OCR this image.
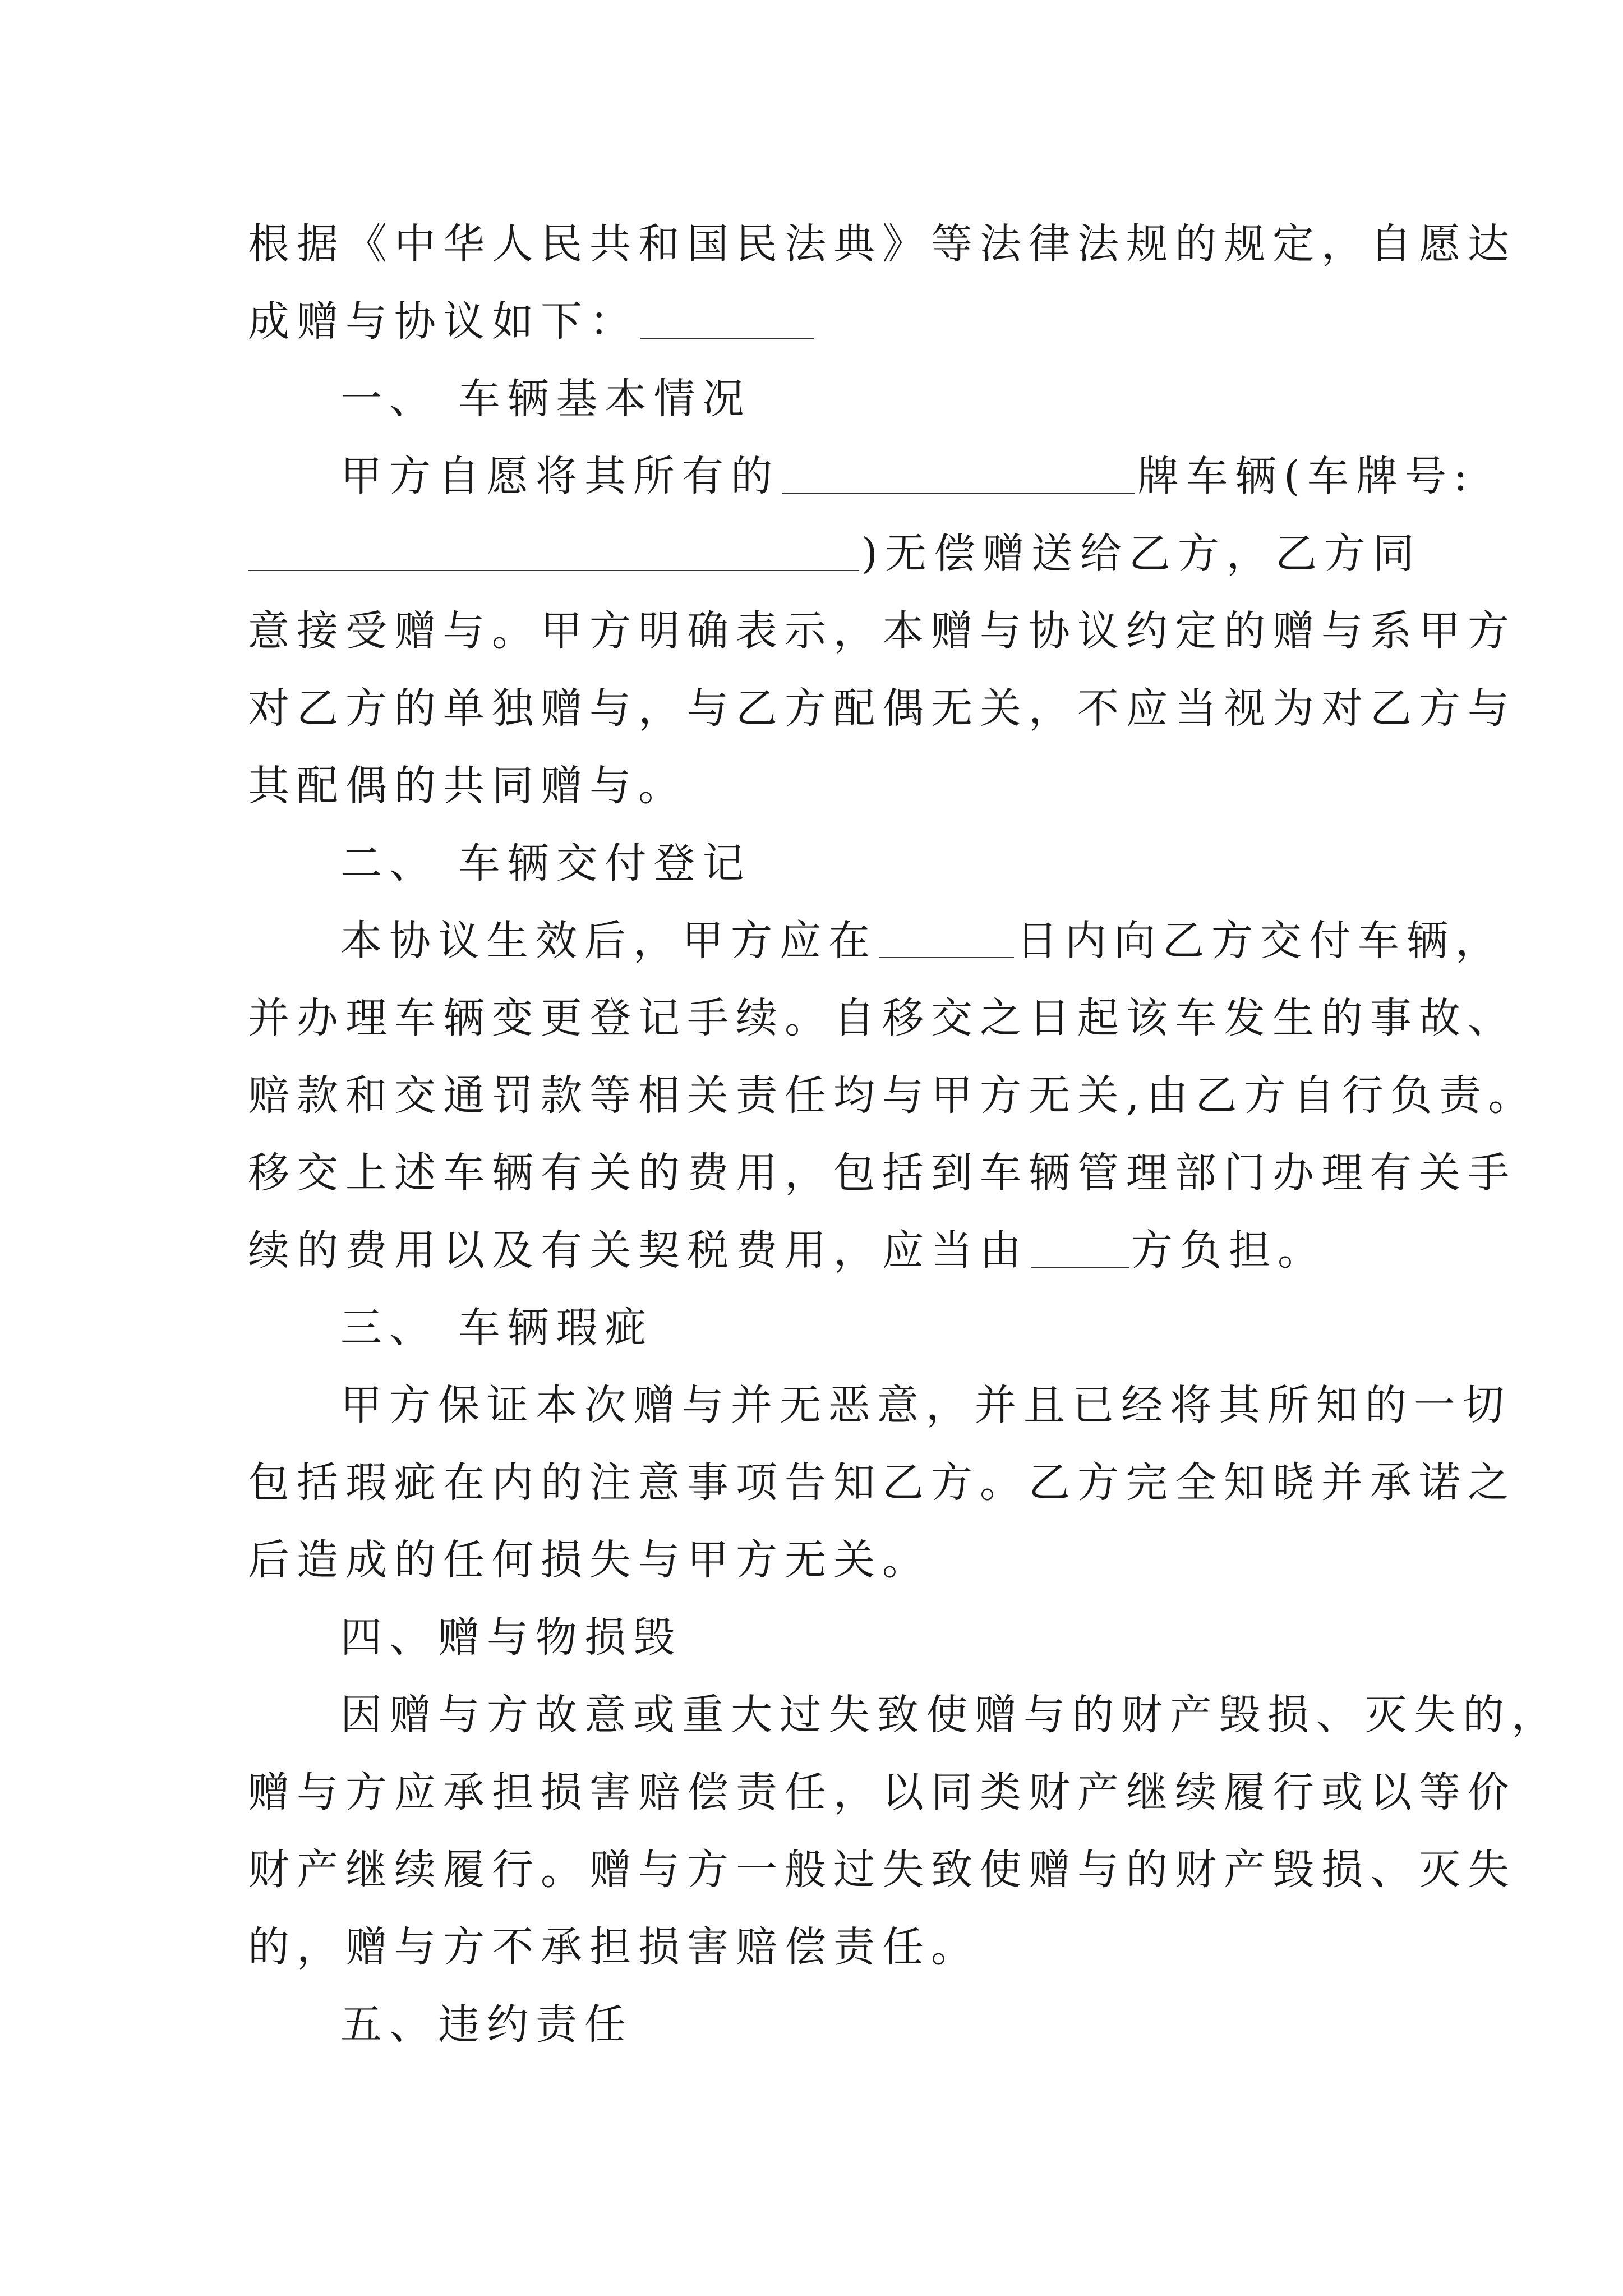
根据《中华人民共和国民法典》等法律法规的规定，自愿达
成赠与协议如下：
一、 车辆基本情况
甲方自愿将其所有的	牌车辆(车牌号:
)无偿赠送给乙方，乙方同
意接受赠与。甲方明确表示，本赠与协议约定的赠与系甲方
对乙方的单独赠与，与乙方配偶无关，不应当视为对乙方与
其配偶的共同赠与。
二、 车辆交付登记
本协议生效后，甲方应在	日内向乙方交付车辆，
并办理车辆变更登记手续。自移交之日起该车发生的事故、
赔款和交通罚款等相关责任均与甲方无关,由乙方自行负责。
移交上述车辆有关的费用，包括到车辆管理部门办理有关手
续的费用以及有关契税费用，应当由 方负担。
三、 车辆瑕疵
甲方保证本次赠与并无恶意，并且已经将其所知的一切
包括瑕疵在内的注意事项告知乙方。乙方完全知晓并承诺之
后造成的任何损失与甲方无关。
四、赠与物损毁
因赠与方故意或重大过失致使赠与的财产毁损、灭失的，
赠与方应承担损害赔偿责任，以同类财产继续履行或以等价
财产继续履行。赠与方一般过失致使赠与的财产毁损、灭失
的，赠与方不承担损害赔偿责任。
五、违约责任
